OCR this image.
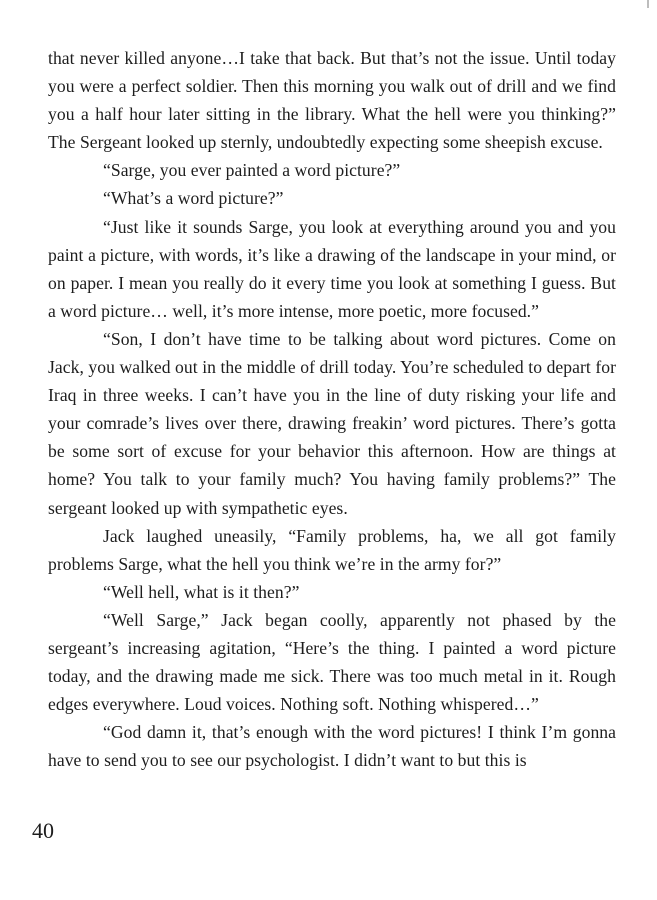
that never killed anyone…I take that back. But that’s not the issue. Until today you were a perfect soldier. Then this morning you walk out of drill and we find you a half hour later sitting in the library. What the hell were you thinking?” The Sergeant looked up sternly, undoubtedly expecting some sheepish excuse.

“Sarge, you ever painted a word picture?”

“What’s a word picture?”

“Just like it sounds Sarge, you look at everything around you and you paint a picture, with words, it’s like a drawing of the landscape in your mind, or on paper. I mean you really do it every time you look at something I guess. But a word picture… well, it’s more intense, more poetic, more focused.”

“Son, I don’t have time to be talking about word pictures. Come on Jack, you walked out in the middle of drill today. You’re scheduled to depart for Iraq in three weeks. I can’t have you in the line of duty risking your life and your comrade’s lives over there, drawing freakin’ word pictures. There’s gotta be some sort of excuse for your behavior this afternoon. How are things at home? You talk to your family much? You having family problems?” The sergeant looked up with sympathetic eyes.

Jack laughed uneasily, “Family problems, ha, we all got family problems Sarge, what the hell you think we’re in the army for?”

“Well hell, what is it then?”

“Well Sarge,” Jack began coolly, apparently not phased by the sergeant’s increasing agitation, “Here’s the thing. I painted a word picture today, and the drawing made me sick. There was too much metal in it. Rough edges everywhere. Loud voices. Nothing soft. Nothing whispered…”

“God damn it, that’s enough with the word pictures! I think I’m gonna have to send you to see our psychologist. I didn’t want to but this is

40
